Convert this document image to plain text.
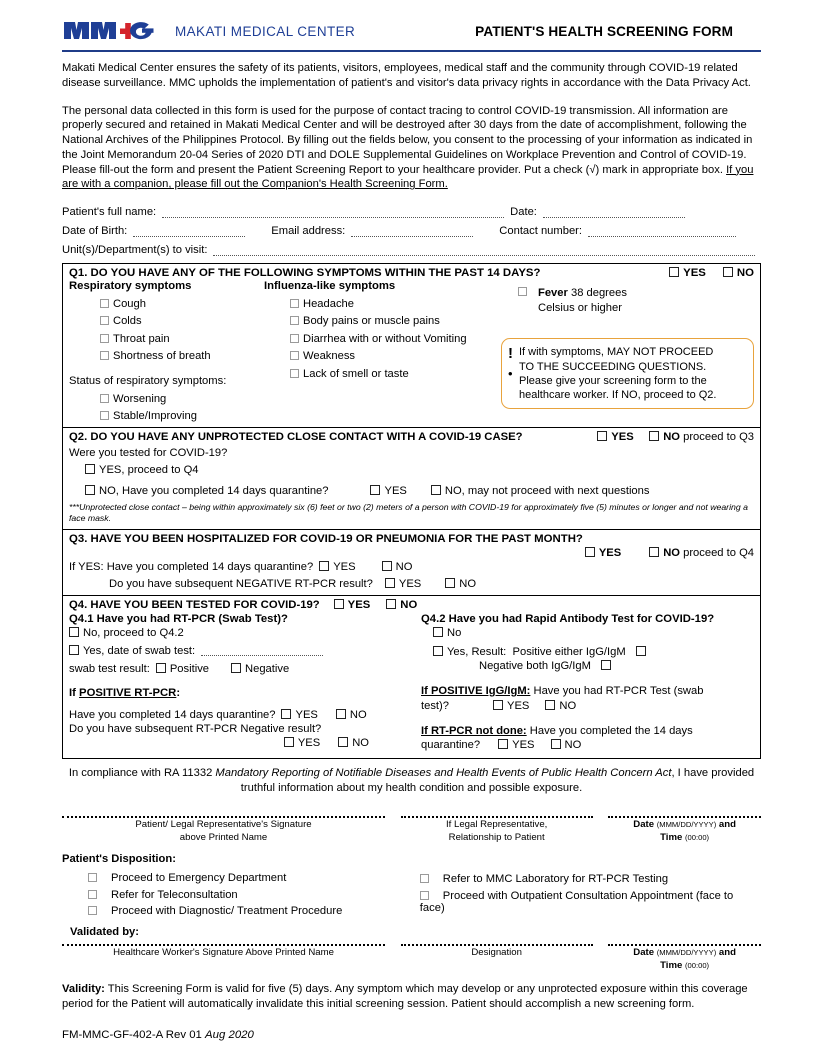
MAKATI MEDICAL CENTER	PATIENT'S HEALTH SCREENING FORM
Makati Medical Center ensures the safety of its patients, visitors, employees, medical staff and the community through COVID-19 related disease surveillance. MMC upholds the implementation of patient's and visitor's data privacy rights in accordance with the Data Privacy Act.
The personal data collected in this form is used for the purpose of contact tracing to control COVID-19 transmission. All information are properly secured and retained in Makati Medical Center and will be destroyed after 30 days from the date of accomplishment, following the National Archives of the Philippines Protocol. By filling out the fields below, you consent to the processing of your information as indicated in the Joint Memorandum 20-04 Series of 2020 DTI and DOLE Supplemental Guidelines on Workplace Prevention and Control of COVID-19. Please fill-out the form and present the Patient Screening Report to your healthcare provider. Put a check (√) mark in appropriate box. If you are with a companion, please fill out the Companion's Health Screening Form.
Patient's full name:	Date:
Date of Birth:	Email address:	Contact number:
Unit(s)/Department(s) to visit:
Q1. DO YOU HAVE ANY OF THE FOLLOWING SYMPTOMS WITHIN THE PAST 14 DAYS?	YES	NO
Respiratory symptoms
Cough
Colds
Throat pain
Shortness of breath
Status of respiratory symptoms:
Worsening
Stable/Improving
Influenza-like symptoms
Headache
Body pains or muscle pains
Diarrhea with or without Vomiting
Weakness
Lack of smell or taste
Fever 38 degrees
Celsius or higher
!
•
If with symptoms, MAY NOT PROCEED
TO THE SUCCEEDING QUESTIONS.
Please give your screening form to the
healthcare worker. If NO, proceed to Q2.
Q2. DO YOU HAVE ANY UNPROTECTED CLOSE CONTACT WITH A COVID-19 CASE?	YES	NO proceed to Q3
Were you tested for COVID-19?
YES, proceed to Q4
NO, Have you completed 14 days quarantine?	YES	NO, may not proceed with next questions
***Unprotected close contact – being within approximately six (6) feet or two (2) meters of a person with COVID-19 for approximately five (5) minutes or longer and not wearing a face mask.
Q3. HAVE YOU BEEN HOSPITALIZED FOR COVID-19 OR PNEUMONIA FOR THE PAST MONTH?
YES	NO proceed to Q4
If YES: Have you completed 14 days quarantine? YES	NO
Do you have subsequent NEGATIVE RT-PCR result? YES	NO
Q4. HAVE YOU BEEN TESTED FOR COVID-19?	YES	NO
Q4.1 Have you had RT-PCR (Swab Test)?
No, proceed to Q4.2
Yes, date of swab test:
swab test result: Positive	Negative
If POSITIVE RT-PCR:
Have you completed 14 days quarantine? YES	NO
Do you have subsequent RT-PCR Negative result?
YES	NO
Q4.2 Have you had Rapid Antibody Test for COVID-19?
No
Yes, Result: Positive either IgG/IgM
Negative both IgG/IgM
If POSITIVE IgG/IgM: Have you had RT-PCR Test (swab
test)?	YES	NO
If RT-PCR not done: Have you completed the 14 days
quarantine?	YES	NO
In compliance with RA 11332 Mandatory Reporting of Notifiable Diseases and Health Events of Public Health Concern Act, I have provided truthful information about my health condition and possible exposure.
Patient/ Legal Representative's Signature
above Printed Name
If Legal Representative,
Relationship to Patient
Date (MMM/DD/YYYY) and
Time (00:00)
Patient's Disposition:
Proceed to Emergency Department
Refer for Teleconsultation
Proceed with Diagnostic/ Treatment Procedure
Refer to MMC Laboratory for RT-PCR Testing
Proceed with Outpatient Consultation Appointment (face to face)
Validated by:
Healthcare Worker's Signature Above Printed Name	Designation	Date (MMM/DD/YYYY) and
Time (00:00)
Validity: This Screening Form is valid for five (5) days. Any symptom which may develop or any unprotected exposure within this coverage period for the Patient will automatically invalidate this initial screening session. Patient should accomplish a new screening form.
FM-MMC-GF-402-A Rev 01 Aug 2020
